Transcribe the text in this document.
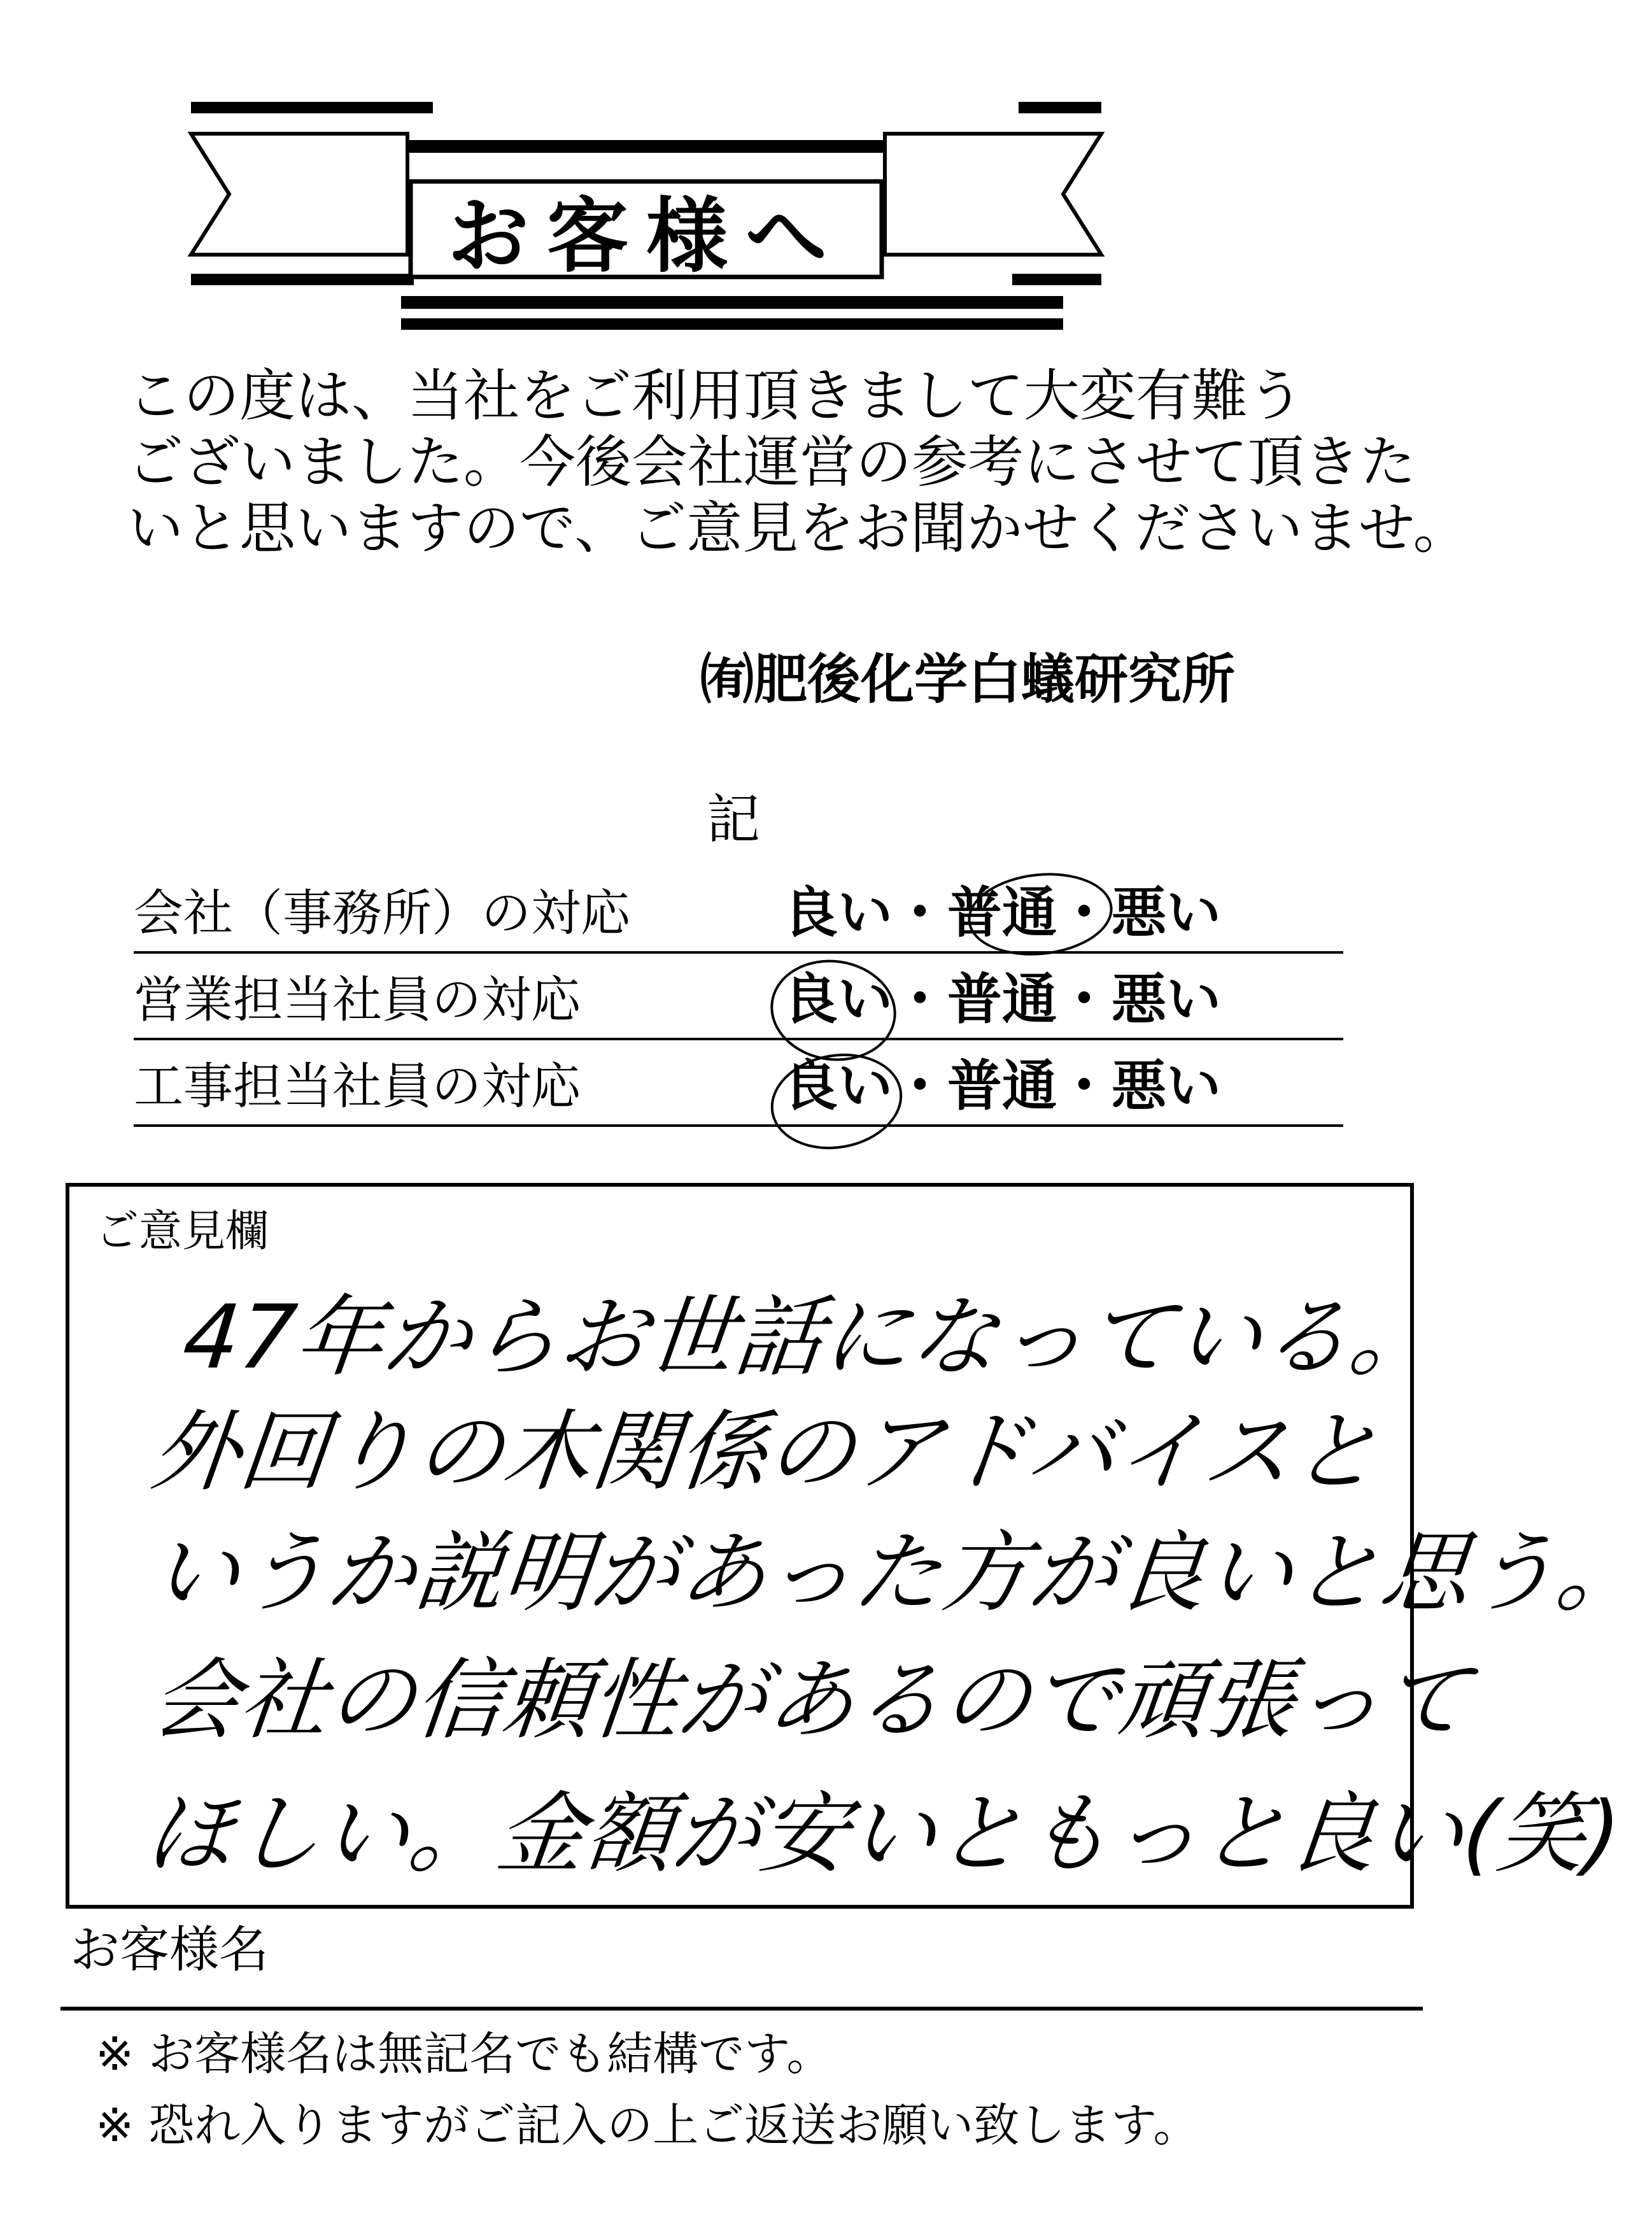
お客様へ
この度は、当社をご利用頂きまして大変有難う
ございました。今後会社運営の参考にさせて頂きた
いと思いますので、ご意見をお聞かせくださいませ。
㈲肥後化学白蟻研究所
記
会社（事務所）の対応	良い・普通・悪い
営業担当社員の対応	良い・普通・悪い
工事担当社員の対応	良い・普通・悪い
ご意見欄
47年からお世話になっている。
外回りの木関係のアドバイスと
いうか説明があった方が良いと思う。
会社の信頼性があるので頑張って
ほしい。金額が安いともっと良い(笑)
お客様名
※ お客様名は無記名でも結構です。
※ 恐れ入りますがご記入の上ご返送お願い致します。
